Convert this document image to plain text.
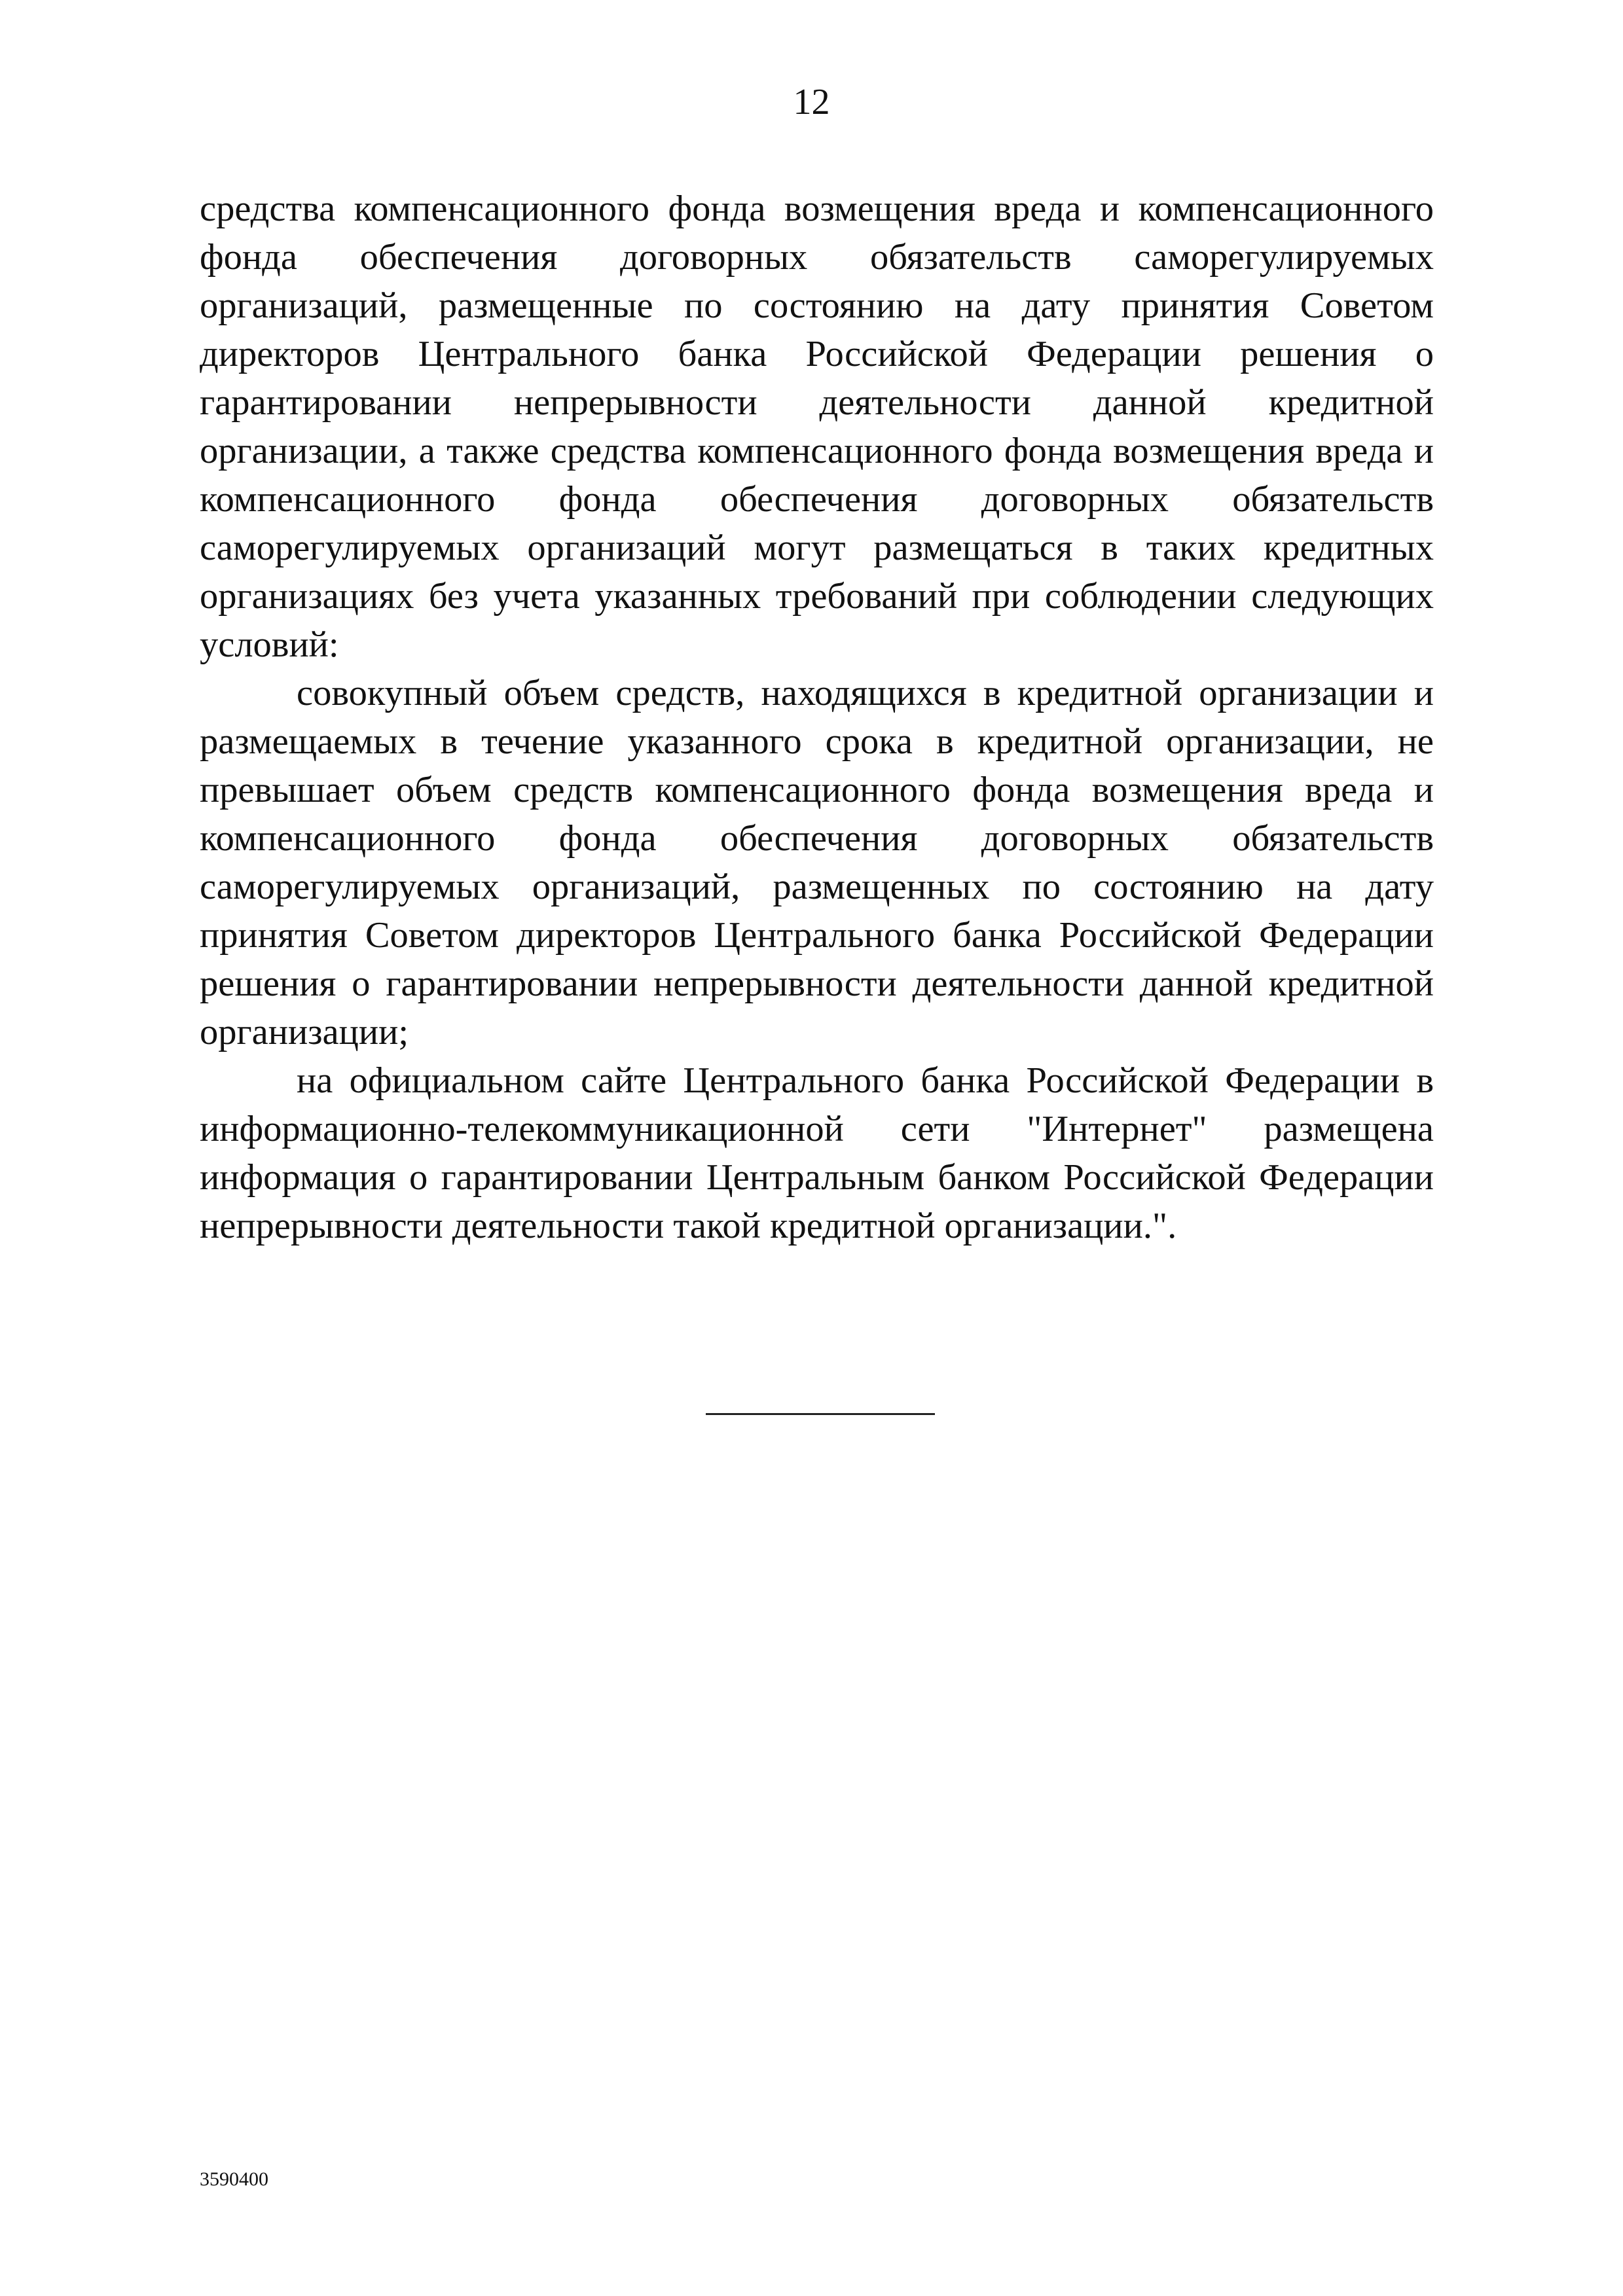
12

средства компенсационного фонда возмещения вреда и компенсационного фонда обеспечения договорных обязательств саморегулируемых организаций, размещенные по состоянию на дату принятия Советом директоров Центрального банка Российской Федерации решения о гарантировании непрерывности деятельности данной кредитной организации, а также средства компенсационного фонда возмещения вреда и компенсационного фонда обеспечения договорных обязательств саморегулируемых организаций могут размещаться в таких кредитных организациях без учета указанных требований при соблюдении следующих условий:

совокупный объем средств, находящихся в кредитной организации и размещаемых в течение указанного срока в кредитной организации, не превышает объем средств компенсационного фонда возмещения вреда и компенсационного фонда обеспечения договорных обязательств саморегулируемых организаций, размещенных по состоянию на дату принятия Советом директоров Центрального банка Российской Федерации решения о гарантировании непрерывности деятельности данной кредитной организации;

на официальном сайте Центрального банка Российской Федерации в информационно-телекоммуникационной сети "Интернет" размещена информация о гарантировании Центральным банком Российской Федерации непрерывности деятельности такой кредитной организации.".

3590400
